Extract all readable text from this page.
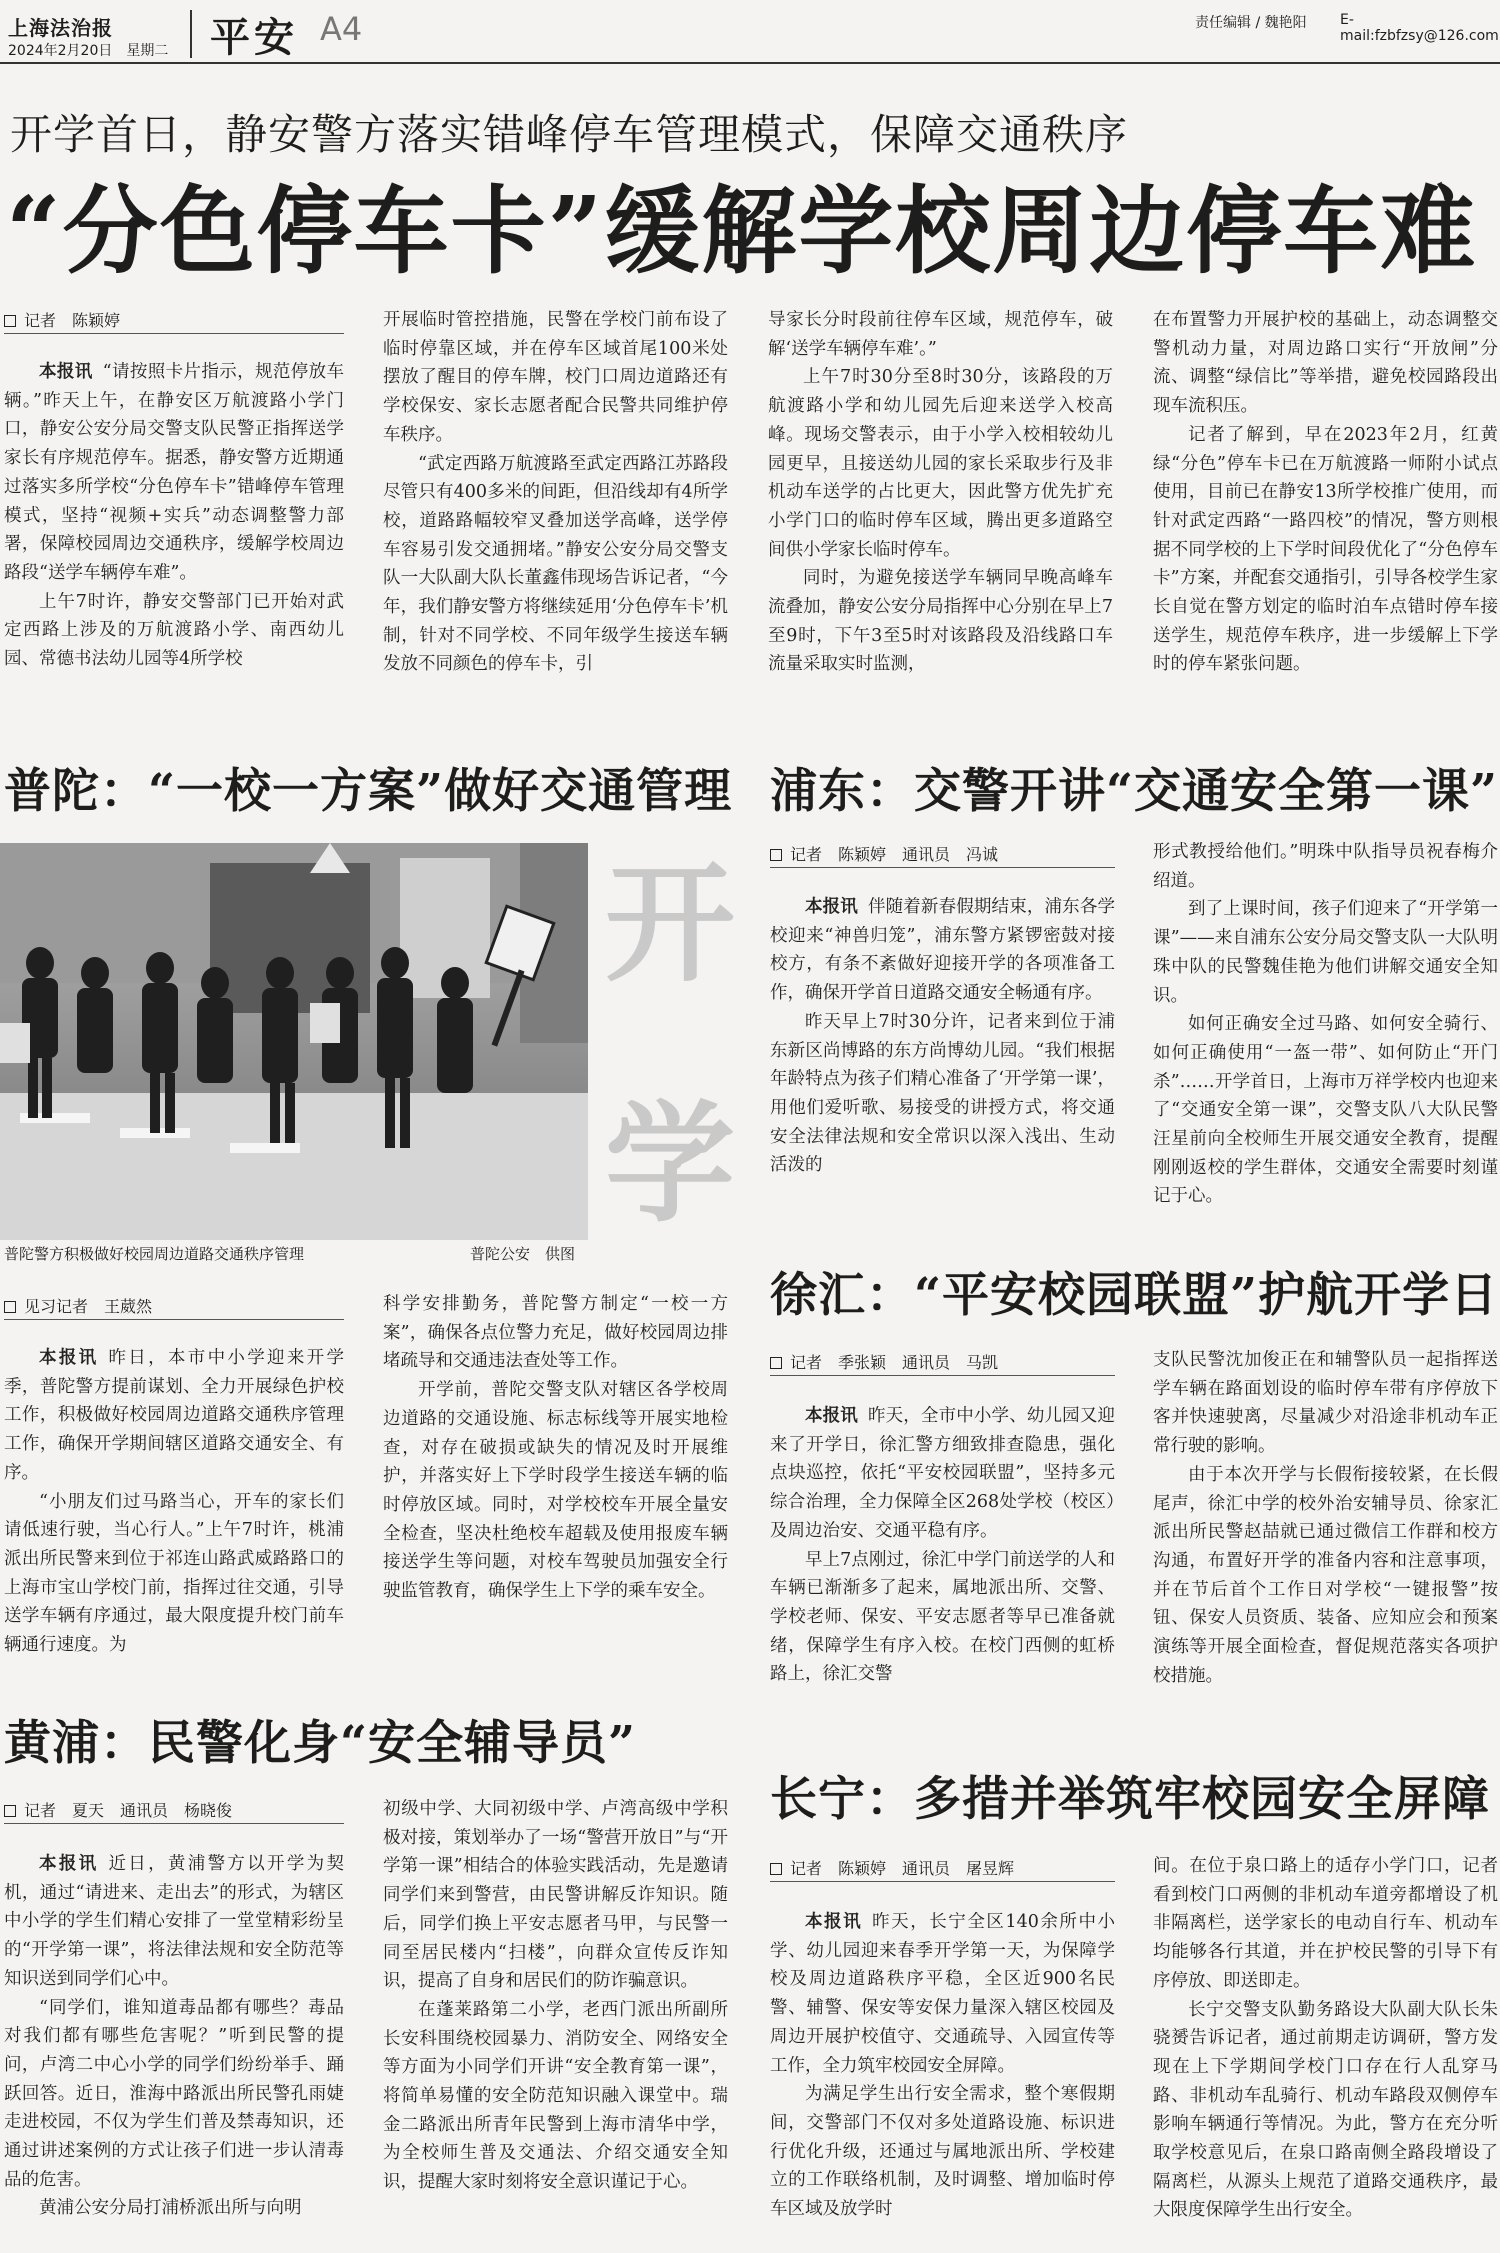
上海法治报
2024年2月20日　星期二 平安 A4	责任编辑 / 魏艳阳 E-mail:fzbfzsy@126.com
开学首日，静安警方落实错峰停车管理模式，保障交通秩序
“分色停车卡”缓解学校周边停车难
记者　陈颖婷

本报讯 “请按照卡片指示，规范停放车辆。”昨天上午，在静安区万航渡路小学门口，静安公安分局交警支队民警正指挥送学家长有序规范停车。据悉，静安警方近期通过落实多所学校“分色停车卡”错峰停车管理模式，坚持“视频+实兵”动态调整警力部署，保障校园周边交通秩序，缓解学校周边路段“送学车辆停车难”。

上午7时许，静安交警部门已开始对武定西路上涉及的万航渡路小学、南西幼儿园、常德书法幼儿园等4所学校

开展临时管控措施，民警在学校门前布设了临时停靠区域，并在停车区域首尾100米处摆放了醒目的停车牌，校门口周边道路还有学校保安、家长志愿者配合民警共同维护停车秩序。

“武定西路万航渡路至武定西路江苏路段尽管只有400多米的间距，但沿线却有4所学校，道路路幅较窄叉叠加送学高峰，送学停车容易引发交通拥堵。”静安公安分局交警支队一大队副大队长董鑫伟现场告诉记者，“今年，我们静安警方将继续延用‘分色停车卡’机制，针对不同学校、不同年级学生接送车辆发放不同颜色的停车卡，引

导家长分时段前往停车区域，规范停车，破解‘送学车辆停车难’。”

上午7时30分至8时30分，该路段的万航渡路小学和幼儿园先后迎来送学入校高峰。现场交警表示，由于小学入校相较幼儿园更早，且接送幼儿园的家长采取步行及非机动车送学的占比更大，因此警方优先扩充小学门口的临时停车区域，腾出更多道路空间供小学家长临时停车。

同时，为避免接送学车辆同早晚高峰车流叠加，静安公安分局指挥中心分别在早上7至9时，下午3至5时对该路段及沿线路口车流量采取实时监测，

在布置警力开展护校的基础上，动态调整交警机动力量，对周边路口实行“开放闸”分流、调整“绿信比”等举措，避免校园路段出现车流积压。

记者了解到，早在2023年2月，红黄绿“分色”停车卡已在万航渡路一师附小试点使用，目前已在静安13所学校推广使用，而针对武定西路“一路四校”的情况，警方则根据不同学校的上下学时间段优化了“分色停车卡”方案，并配套交通指引，引导各校学生家长自觉在警方划定的临时泊车点错时停车接送学生，规范停车秩序，进一步缓解上下学时的停车紧张问题。

普陀：“一校一方案”做好交通管理
普陀警方积极做好校园周边道路交通秩序管理	普陀公安　供图
开
学
见习记者　王葳然

本报讯 昨日，本市中小学迎来开学季，普陀警方提前谋划、全力开展绿色护校工作，积极做好校园周边道路交通秩序管理工作，确保开学期间辖区道路交通安全、有序。

“小朋友们过马路当心，开车的家长们请低速行驶，当心行人。”上午7时许，桃浦派出所民警来到位于祁连山路武威路路口的上海市宝山学校门前，指挥过往交通，引导送学车辆有序通过，最大限度提升校门前车辆通行速度。为

科学安排勤务，普陀警方制定“一校一方案”，确保各点位警力充足，做好校园周边排堵疏导和交通违法查处等工作。

开学前，普陀交警支队对辖区各学校周边道路的交通设施、标志标线等开展实地检查，对存在破损或缺失的情况及时开展维护，并落实好上下学时段学生接送车辆的临时停放区域。同时，对学校校车开展全量安全检查，坚决杜绝校车超载及使用报废车辆接送学生等问题，对校车驾驶员加强安全行驶监管教育，确保学生上下学的乘车安全。

浦东：交警开讲“交通安全第一课”
记者　陈颖婷　通讯员　冯诚

本报讯 伴随着新春假期结束，浦东各学校迎来“神兽归笼”，浦东警方紧锣密鼓对接校方，有条不紊做好迎接开学的各项准备工作，确保开学首日道路交通安全畅通有序。

昨天早上7时30分许，记者来到位于浦东新区尚博路的东方尚博幼儿园。“我们根据年龄特点为孩子们精心准备了‘开学第一课’，用他们爱听歌、易接受的讲授方式，将交通安全法律法规和安全常识以深入浅出、生动活泼的

形式教授给他们。”明珠中队指导员祝春梅介绍道。

到了上课时间，孩子们迎来了“开学第一课”——来自浦东公安分局交警支队一大队明珠中队的民警魏佳艳为他们讲解交通安全知识。

如何正确安全过马路、如何安全骑行、如何正确使用“一盔一带”、如何防止“开门杀”……开学首日，上海市万祥学校内也迎来了“交通安全第一课”，交警支队八大队民警汪星前向全校师生开展交通安全教育，提醒刚刚返校的学生群体，交通安全需要时刻谨记于心。

徐汇：“平安校园联盟”护航开学日
记者　季张颖　通讯员　马凯

本报讯 昨天，全市中小学、幼儿园又迎来了开学日，徐汇警方细致排查隐患，强化点块巡控，依托“平安校园联盟”，坚持多元综合治理，全力保障全区268处学校（校区）及周边治安、交通平稳有序。

早上7点刚过，徐汇中学门前送学的人和车辆已渐渐多了起来，属地派出所、交警、学校老师、保安、平安志愿者等早已准备就绪，保障学生有序入校。在校门西侧的虹桥路上，徐汇交警

支队民警沈加俊正在和辅警队员一起指挥送学车辆在路面划设的临时停车带有序停放下客并快速驶离，尽量减少对沿途非机动车正常行驶的影响。

由于本次开学与长假衔接较紧，在长假尾声，徐汇中学的校外治安辅导员、徐家汇派出所民警赵喆就已通过微信工作群和校方沟通，布置好开学的准备内容和注意事项，并在节后首个工作日对学校“一键报警”按钮、保安人员资质、装备、应知应会和预案演练等开展全面检查，督促规范落实各项护校措施。

黄浦：民警化身“安全辅导员”
记者　夏天　通讯员　杨晓俊

本报讯 近日，黄浦警方以开学为契机，通过“请进来、走出去”的形式，为辖区中小学的学生们精心安排了一堂堂精彩纷呈的“开学第一课”，将法律法规和安全防范等知识送到同学们心中。

“同学们，谁知道毒品都有哪些？毒品对我们都有哪些危害呢？”听到民警的提问，卢湾二中心小学的同学们纷纷举手、踊跃回答。近日，淮海中路派出所民警孔雨婕走进校园，不仅为学生们普及禁毒知识，还通过讲述案例的方式让孩子们进一步认清毒品的危害。

黄浦公安分局打浦桥派出所与向明

初级中学、大同初级中学、卢湾高级中学积极对接，策划举办了一场“警营开放日”与“开学第一课”相结合的体验实践活动，先是邀请同学们来到警营，由民警讲解反诈知识。随后，同学们换上平安志愿者马甲，与民警一同至居民楼内“扫楼”，向群众宣传反诈知识，提高了自身和居民们的防诈骗意识。

在蓬莱路第二小学，老西门派出所副所长安科围绕校园暴力、消防安全、网络安全等方面为小同学们开讲“安全教育第一课”，将简单易懂的安全防范知识融入课堂中。瑞金二路派出所青年民警到上海市清华中学，为全校师生普及交通法、介绍交通安全知识，提醒大家时刻将安全意识谨记于心。

长宁：多措并举筑牢校园安全屏障
记者　陈颖婷　通讯员　屠昱辉

本报讯 昨天，长宁全区140余所中小学、幼儿园迎来春季开学第一天，为保障学校及周边道路秩序平稳，全区近900名民警、辅警、保安等安保力量深入辖区校园及周边开展护校值守、交通疏导、入园宣传等工作，全力筑牢校园安全屏障。

为满足学生出行安全需求，整个寒假期间，交警部门不仅对多处道路设施、标识进行优化升级，还通过与属地派出所、学校建立的工作联络机制，及时调整、增加临时停车区域及放学时

间。在位于泉口路上的适存小学门口，记者看到校门口两侧的非机动车道旁都增设了机非隔离栏，送学家长的电动自行车、机动车均能够各行其道，并在护校民警的引导下有序停放、即送即走。

长宁交警支队勤务路设大队副大队长朱骁赟告诉记者，通过前期走访调研，警方发现在上下学期间学校门口存在行人乱穿马路、非机动车乱骑行、机动车路段双侧停车影响车辆通行等情况。为此，警方在充分听取学校意见后，在泉口路南侧全路段增设了隔离栏，从源头上规范了道路交通秩序，最大限度保障学生出行安全。
